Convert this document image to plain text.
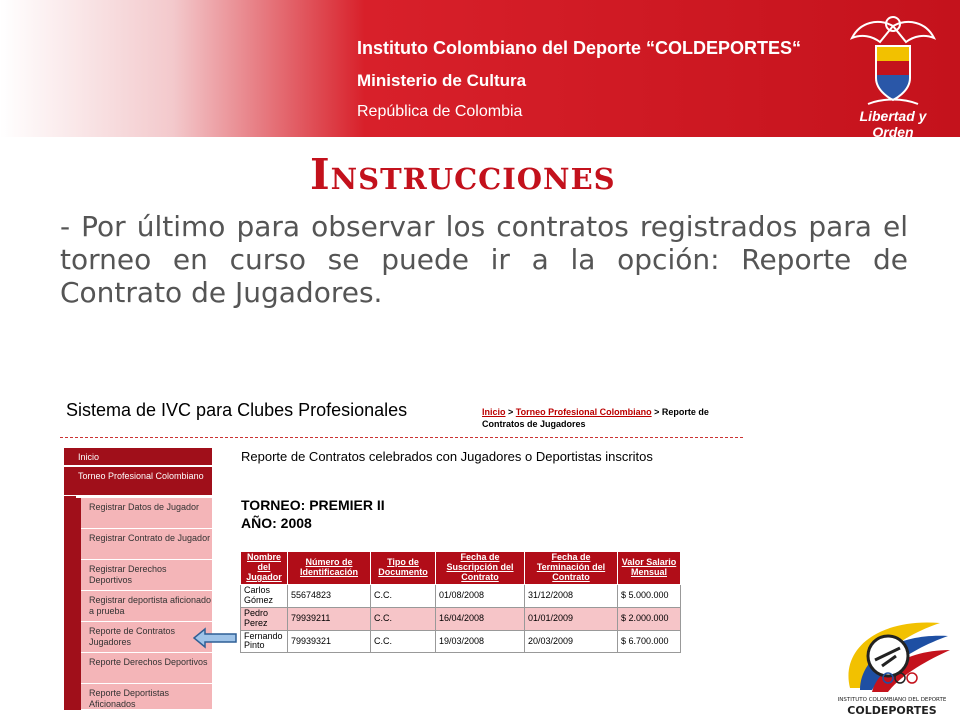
Instituto Colombiano del Deporte “COLDEPORTES“
Ministerio de Cultura
República de Colombia	Libertad y Orden
Instrucciones
- Por último para observar los contratos registrados para el torneo en curso se puede ir a la opción: Reporte de Contrato de Jugadores.
Sistema de IVC para Clubes Profesionales	Inicio > Torneo Profesional Colombiano > Reporte de Contratos de Jugadores
Inicio
Torneo Profesional Colombiano
Registrar Datos de Jugador
Registrar Contrato de Jugador
Registrar Derechos Deportivos
Registrar deportista aficionado a prueba
Reporte de Contratos Jugadores
Reporte Derechos Deportivos
Reporte Deportistas Aficionados
Reporte de Contratos celebrados con Jugadores o Deportistas inscritos
TORNEO: PREMIER II
AÑO: 2008
Nombre del Jugador	Número de Identificación	Tipo de Documento	Fecha de Suscripción del Contrato	Fecha de Terminación del Contrato	Valor Salario Mensual
Carlos Gómez	55674823	C.C.	01/08/2008	31/12/2008	$ 5.000.000
Pedro Perez	79939211	C.C.	16/04/2008	01/01/2009	$ 2.000.000
Fernando Pinto	79939321	C.C.	19/03/2008	20/03/2009	$ 6.700.000
INSTITUTO COLOMBIANO DEL DEPORTE
COLDEPORTES
